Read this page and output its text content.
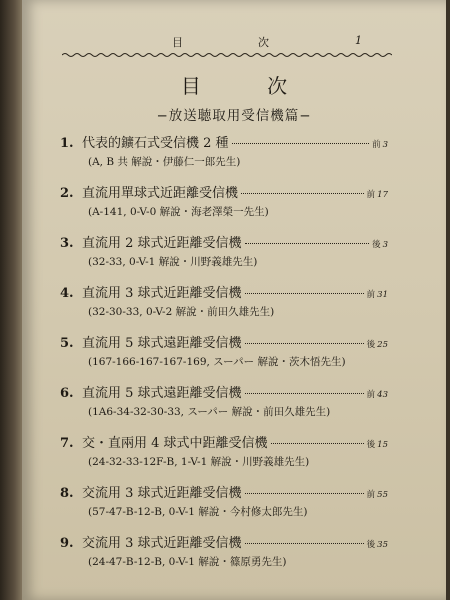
目	次	1
目 次
−放送聴取用受信機篇−
1. 代表的鑛石式受信機 2 種	前 3
(A, B 共 解說・伊藤仁一郎先生)
2. 直流用單球式近距離受信機	前 17
(A-141, 0-V-0 解說・海老澤榮一先生)
3. 直流用 2 球式近距離受信機	後 3
(32-33, 0-V-1 解說・川野義雄先生)
4. 直流用 3 球式近距離受信機	前 31
(32-30-33, 0-V-2 解說・前田久雄先生)
5. 直流用 5 球式遠距離受信機	後 25
(167-166-167-167-169, スーパー 解說・茨木悟先生)
6. 直流用 5 球式遠距離受信機	前 43
(1A6-34-32-30-33, スーパー 解說・前田久雄先生)
7. 交・直兩用 4 球式中距離受信機	後 15
(24-32-33-12F-B, 1-V-1 解說・川野義雄先生)
8. 交流用 3 球式近距離受信機	前 55
(57-47-B-12-B, 0-V-1 解說・今村修太郎先生)
9. 交流用 3 球式近距離受信機	後 35
(24-47-B-12-B, 0-V-1 解說・篠原勇先生)
